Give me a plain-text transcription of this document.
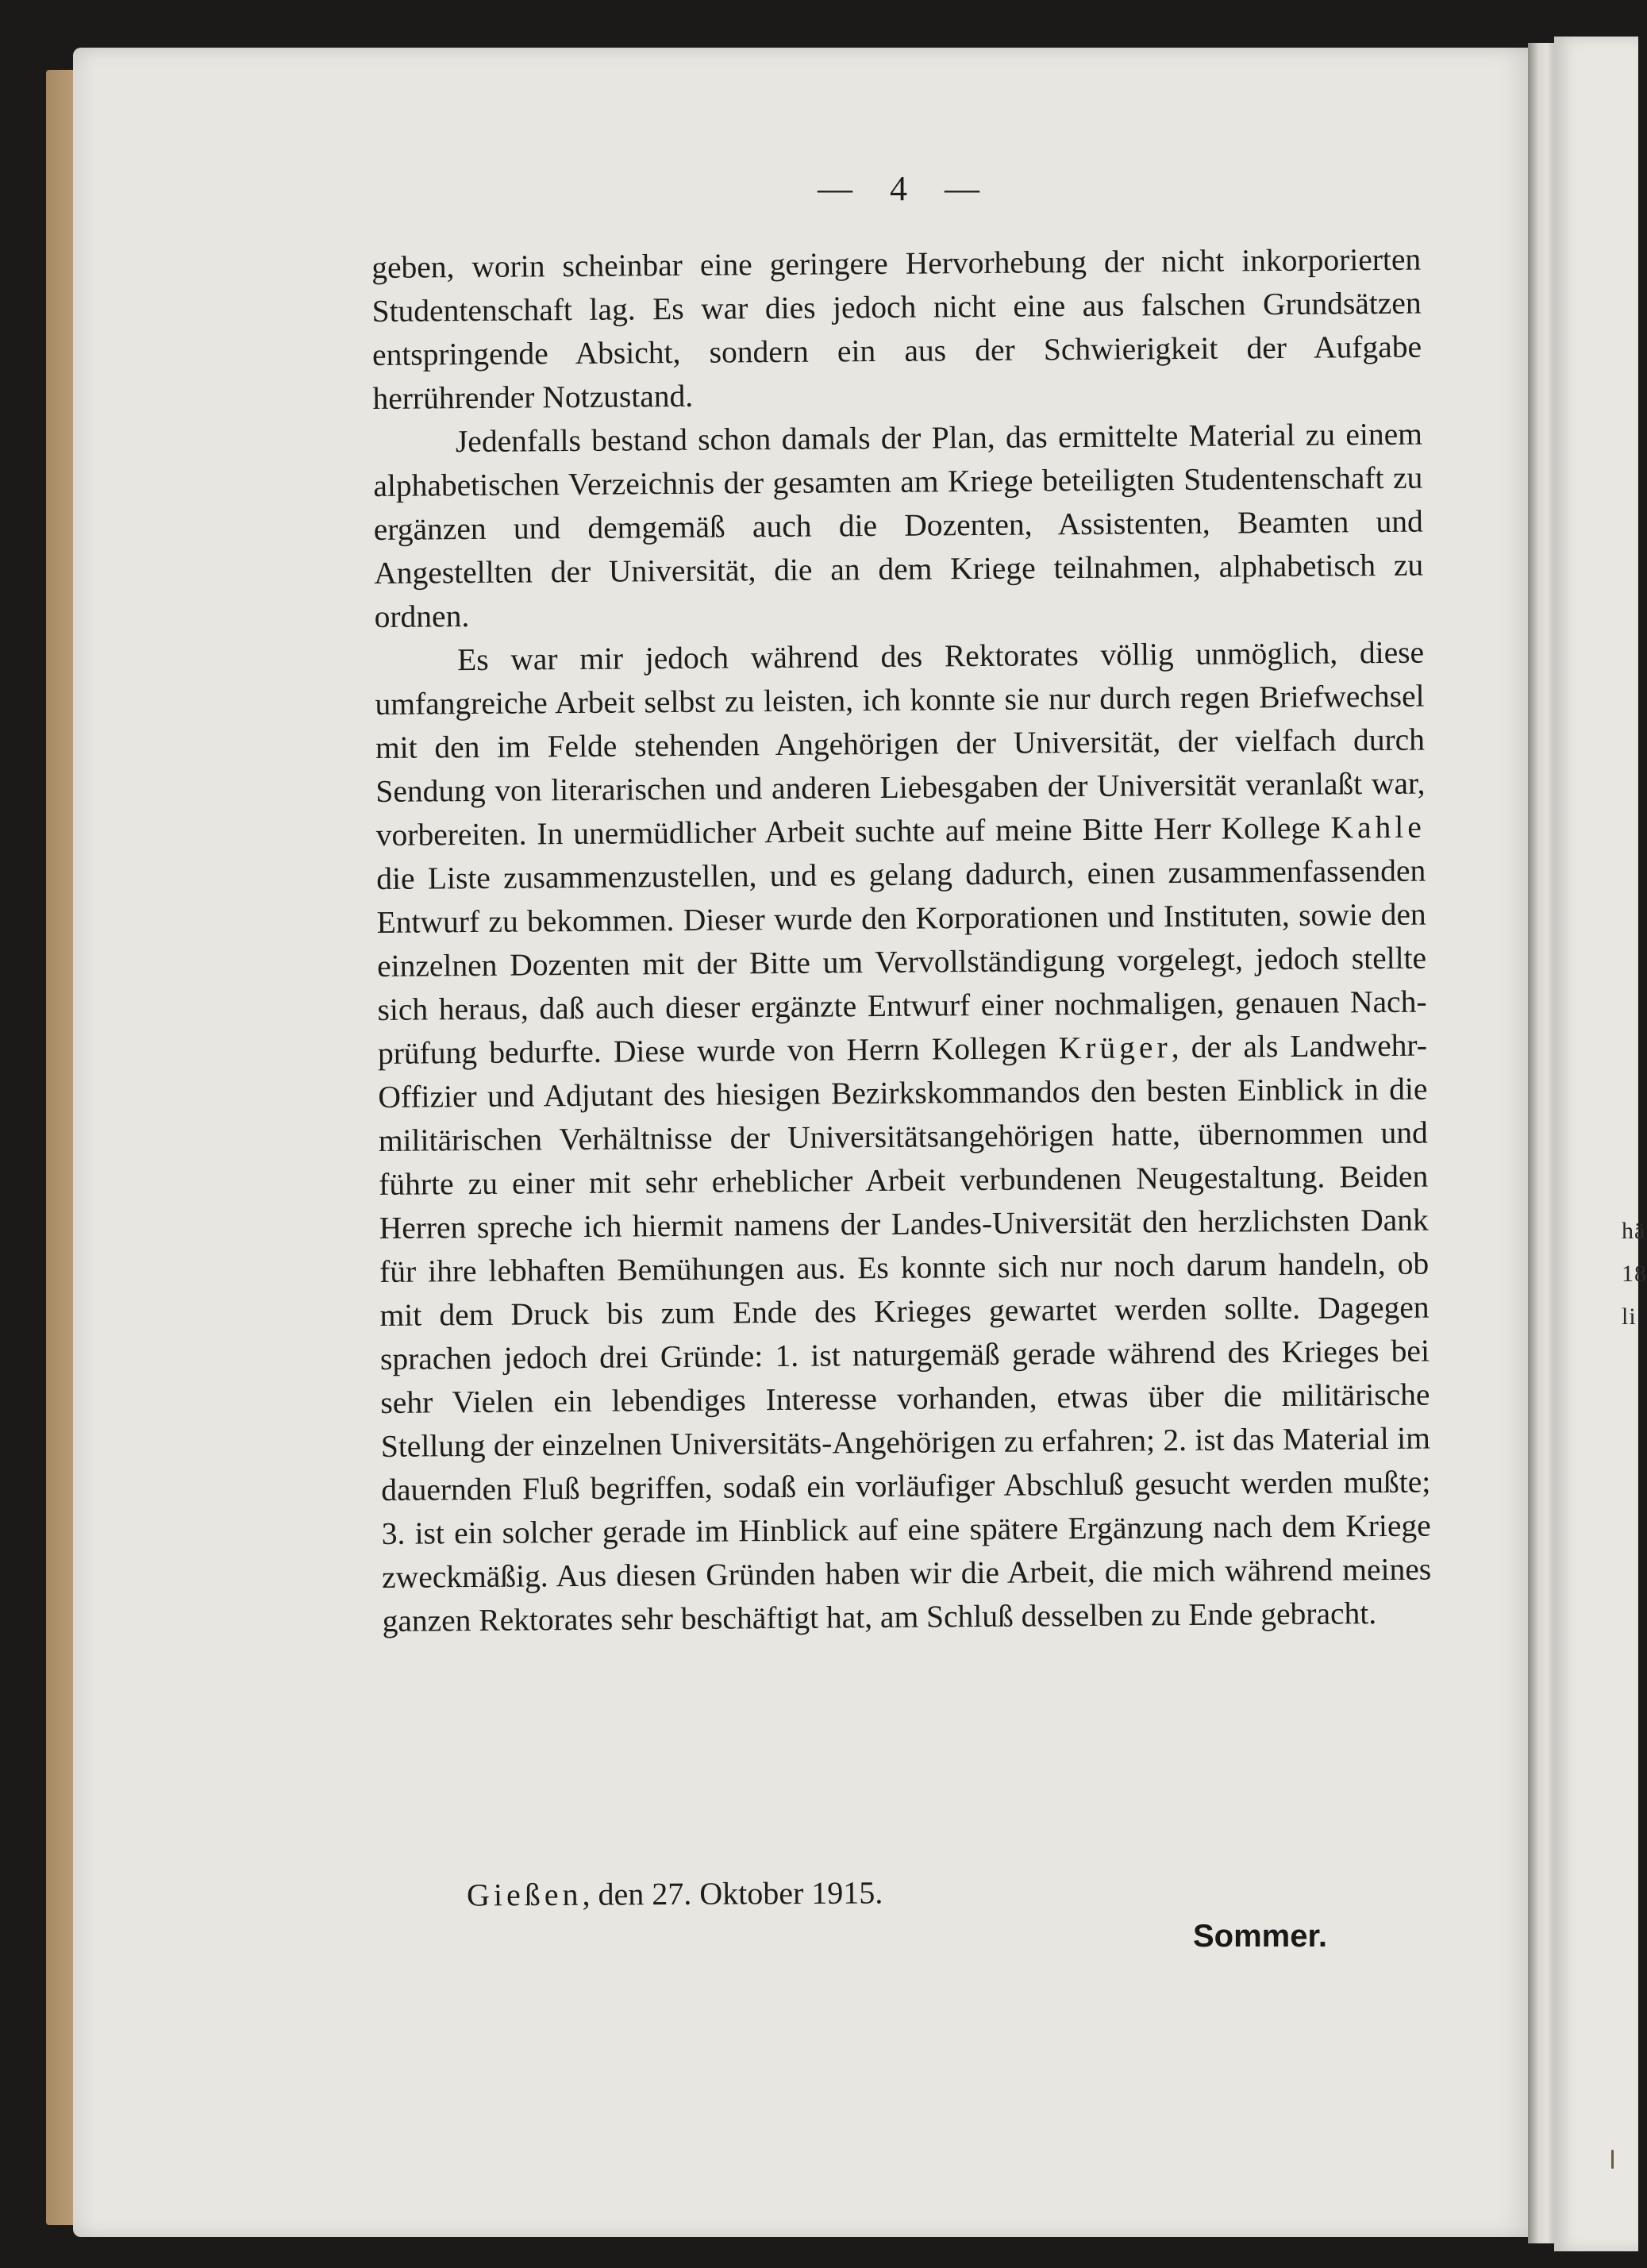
hä
18
li
— 4 —

geben, worin scheinbar eine geringere Hervorhebung der nicht inkorporierten Studentenschaft lag. Es war dies jedoch nicht eine aus falschen Grundsätzen entspringende Absicht, sondern ein aus der Schwierigkeit der Aufgabe herrührender Notzustand.

Jedenfalls bestand schon damals der Plan, das ermittelte Material zu einem alphabetischen Verzeichnis der gesamten am Kriege beteiligten Studentenschaft zu ergänzen und demgemäß auch die Dozenten, Assistenten, Beamten und Angestellten der Universität, die an dem Kriege teilnahmen, alphabetisch zu ordnen.

Es war mir jedoch während des Rektorates völlig unmöglich, diese umfangreiche Arbeit selbst zu leisten, ich konnte sie nur durch regen Briefwechsel mit den im Felde stehenden Angehörigen der Universität, der vielfach durch Sendung von literarischen und anderen Liebesgaben der Universität veranlaßt war, vorbereiten. In unermüdlicher Arbeit suchte auf meine Bitte Herr Kollege Kahle die Liste zusammenzustellen, und es gelang dadurch, einen zusammenfassenden Entwurf zu bekommen. Dieser wurde den Korporationen und Instituten, sowie den einzelnen Dozenten mit der Bitte um Vervollständigung vorgelegt, jedoch stellte sich heraus, daß auch dieser ergänzte Entwurf einer nochmaligen, genauen Nachprüfung bedurfte. Diese wurde von Herrn Kollegen Krüger, der als Landwehr-Offizier und Adjutant des hiesigen Bezirkskommandos den besten Einblick in die militärischen Verhältnisse der Universitätsangehörigen hatte, übernommen und führte zu einer mit sehr erheblicher Arbeit verbundenen Neugestaltung. Beiden Herren spreche ich hiermit namens der Landes-Universität den herzlichsten Dank für ihre lebhaften Bemühungen aus. Es konnte sich nur noch darum handeln, ob mit dem Druck bis zum Ende des Krieges gewartet werden sollte. Dagegen sprachen jedoch drei Gründe: 1. ist naturgemäß gerade während des Krieges bei sehr Vielen ein lebendiges Interesse vorhanden, etwas über die militärische Stellung der einzelnen Universitäts-Angehörigen zu erfahren; 2. ist das Material im dauernden Fluß begriffen, sodaß ein vorläufiger Abschluß gesucht werden mußte; 3. ist ein solcher gerade im Hinblick auf eine spätere Ergänzung nach dem Kriege zweckmäßig. Aus diesen Gründen haben wir die Arbeit, die mich während meines ganzen Rektorates sehr beschäftigt hat, am Schluß desselben zu Ende gebracht.

Gießen, den 27. Oktober 1915.
Sommer.
